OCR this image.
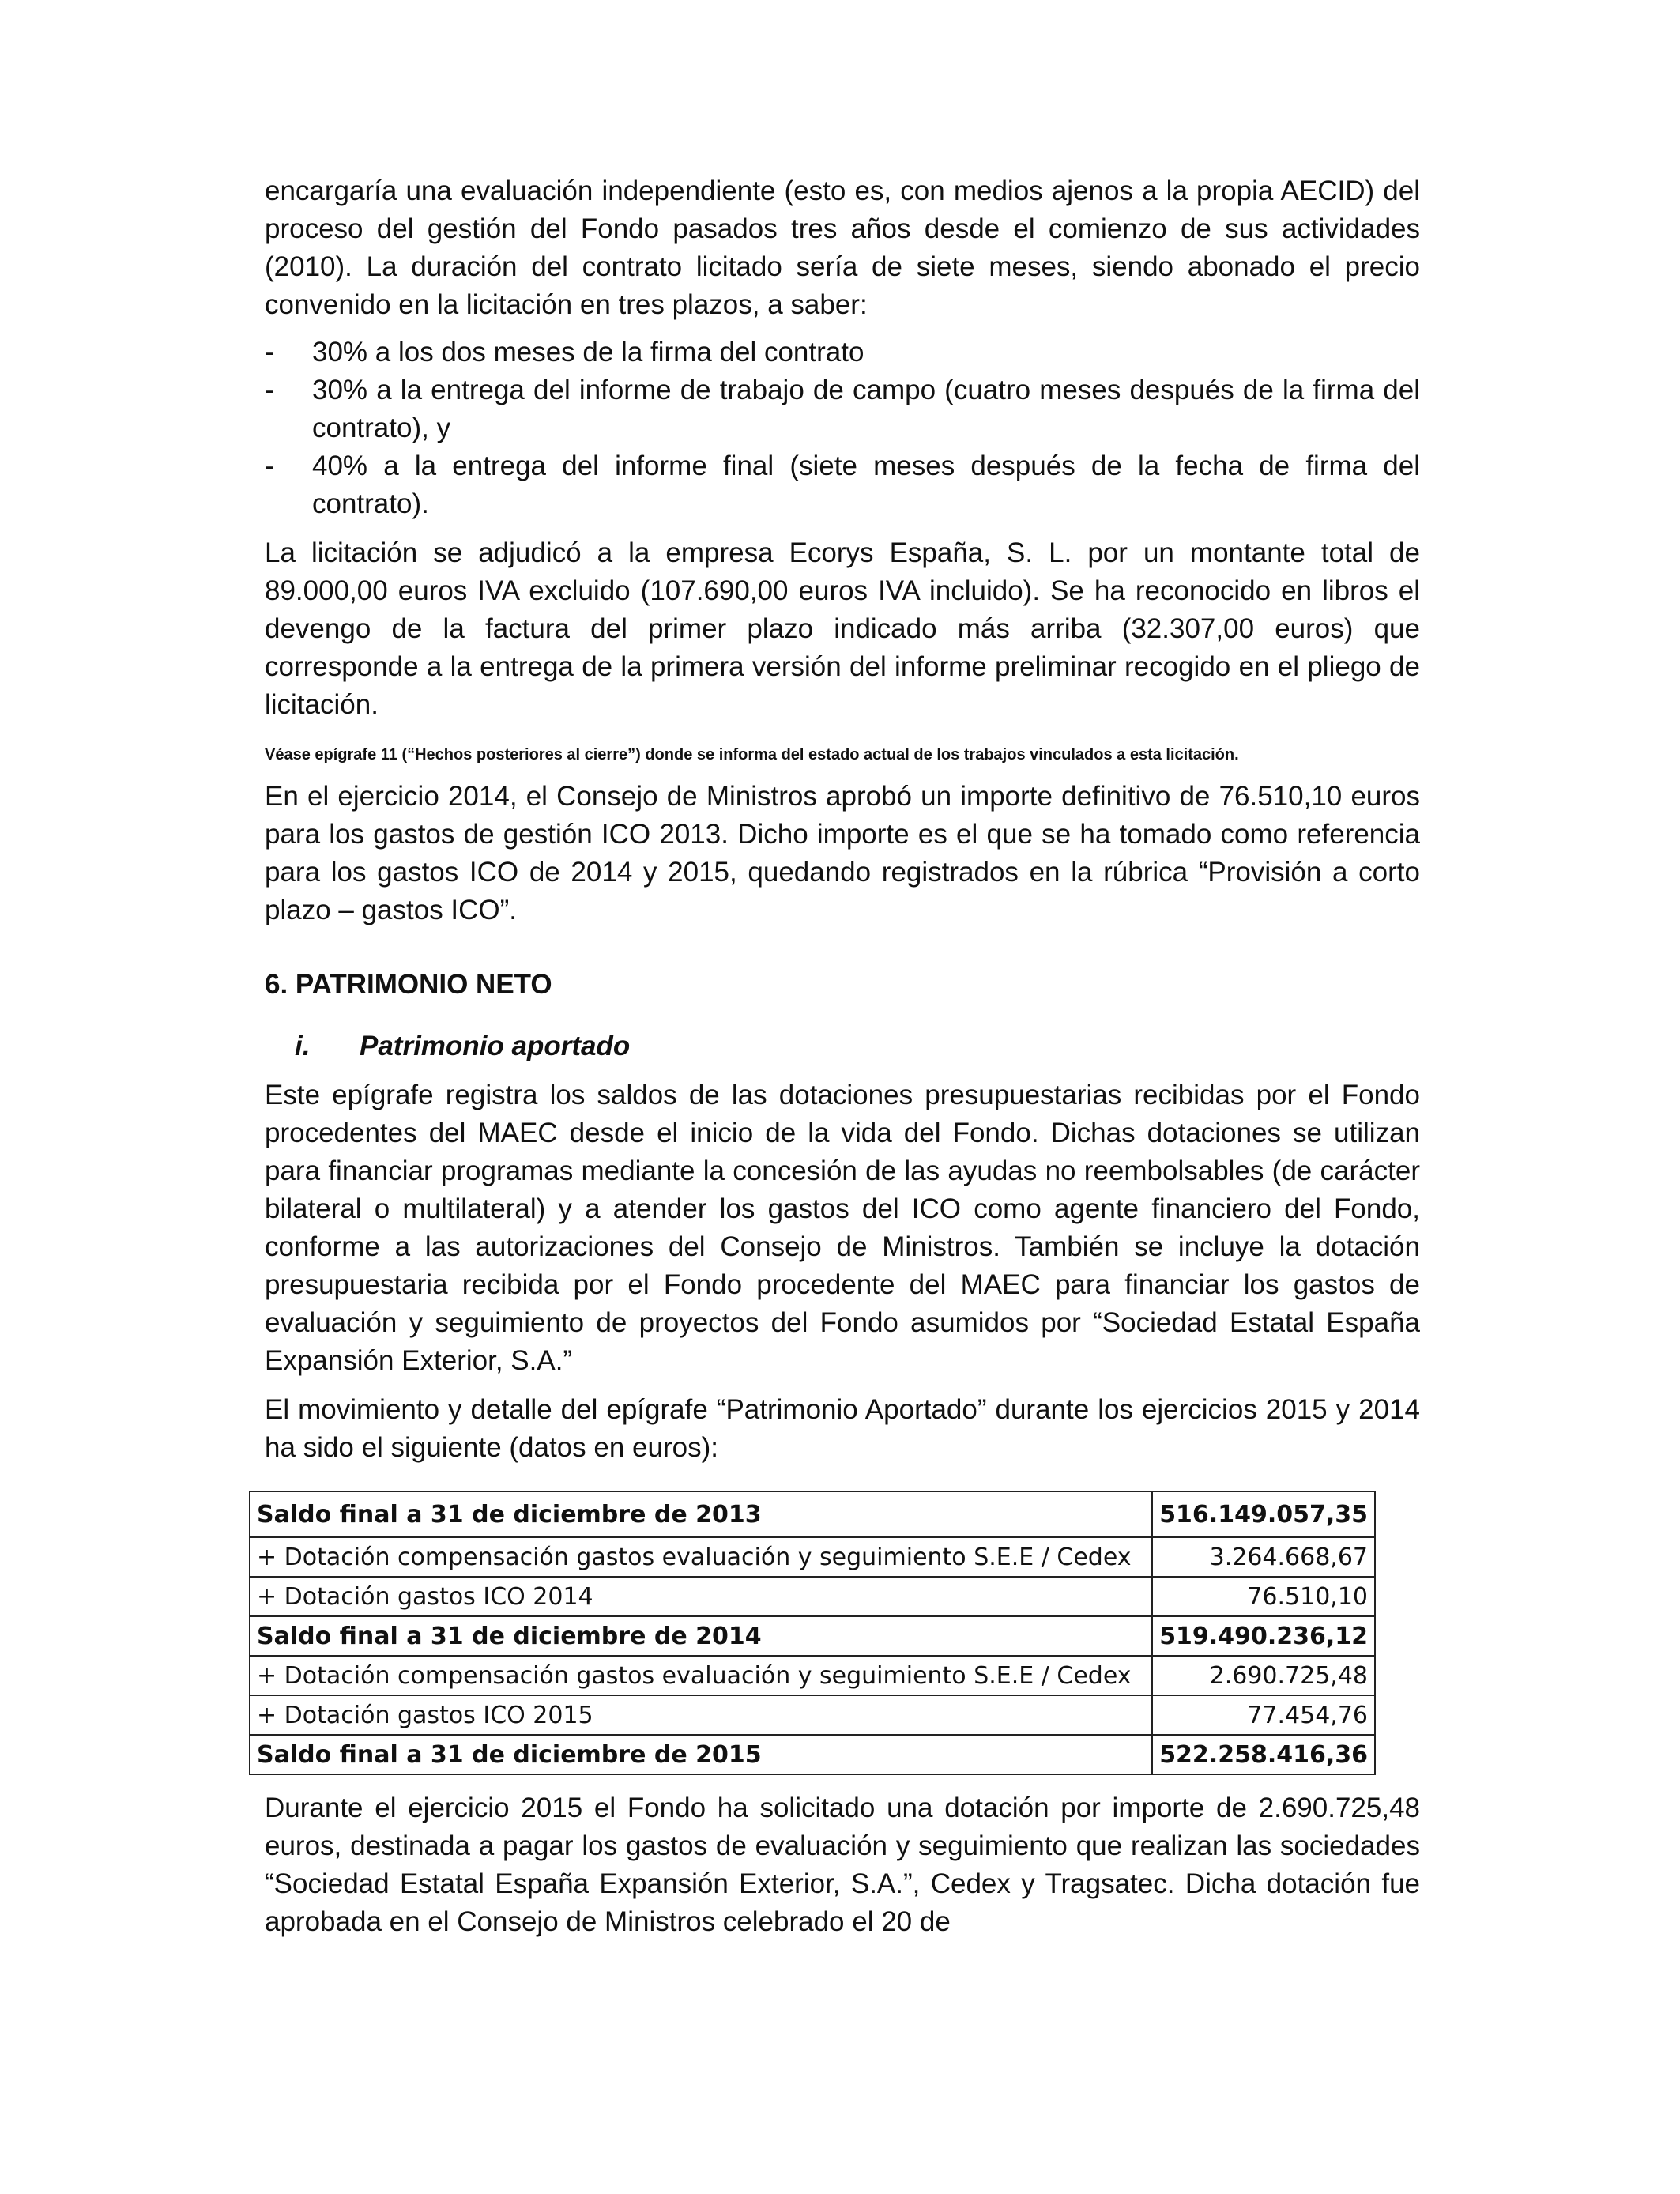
encargaría una evaluación independiente (esto es, con medios ajenos a la propia AECID) del proceso del gestión del Fondo pasados tres años desde el comienzo de sus actividades (2010). La duración del contrato licitado sería de siete meses, siendo abonado el precio convenido en la licitación en tres plazos, a saber:

- 30% a los dos meses de la firma del contrato
- 30% a la entrega del informe de trabajo de campo (cuatro meses después de la firma del contrato), y
- 40% a la entrega del informe final (siete meses después de la fecha de firma del contrato).

La licitación se adjudicó a la empresa Ecorys España, S. L. por un montante total de 89.000,00 euros IVA excluido (107.690,00 euros IVA incluido). Se ha reconocido en libros el devengo de la factura del primer plazo indicado más arriba (32.307,00 euros) que corresponde a la entrega de la primera versión del informe preliminar recogido en el pliego de licitación.

Véase epígrafe 11 (“Hechos posteriores al cierre”) donde se informa del estado actual de los trabajos vinculados a esta licitación.

En el ejercicio 2014, el Consejo de Ministros aprobó un importe definitivo de 76.510,10 euros para los gastos de gestión ICO 2013. Dicho importe es el que se ha tomado como referencia para los gastos ICO de 2014 y 2015, quedando registrados en la rúbrica “Provisión a corto plazo – gastos ICO”.

6. PATRIMONIO NETO
i.	Patrimonio aportado

Este epígrafe registra los saldos de las dotaciones presupuestarias recibidas por el Fondo procedentes del MAEC desde el inicio de la vida del Fondo. Dichas dotaciones se utilizan para financiar programas mediante la concesión de las ayudas no reembolsables (de carácter bilateral o multilateral) y a atender los gastos del ICO como agente financiero del Fondo, conforme a las autorizaciones del Consejo de Ministros. También se incluye la dotación presupuestaria recibida por el Fondo procedente del MAEC para financiar los gastos de evaluación y seguimiento de proyectos del Fondo asumidos por “Sociedad Estatal España Expansión Exterior, S.A.”

El movimiento y detalle del epígrafe “Patrimonio Aportado” durante los ejercicios 2015 y 2014 ha sido el siguiente (datos en euros):

Saldo final a 31 de diciembre de 2013	516.149.057,35
+ Dotación compensación gastos evaluación y seguimiento S.E.E / Cedex	3.264.668,67
+ Dotación gastos ICO 2014	76.510,10
Saldo final a 31 de diciembre de 2014	519.490.236,12
+ Dotación compensación gastos evaluación y seguimiento S.E.E / Cedex	2.690.725,48
+ Dotación gastos ICO 2015	77.454,76
Saldo final a 31 de diciembre de 2015	522.258.416,36

Durante el ejercicio 2015 el Fondo ha solicitado una dotación por importe de 2.690.725,48 euros, destinada a pagar los gastos de evaluación y seguimiento que realizan las sociedades “Sociedad Estatal España Expansión Exterior, S.A.”, Cedex y Tragsatec. Dicha dotación fue aprobada en el Consejo de Ministros celebrado el 20 de
